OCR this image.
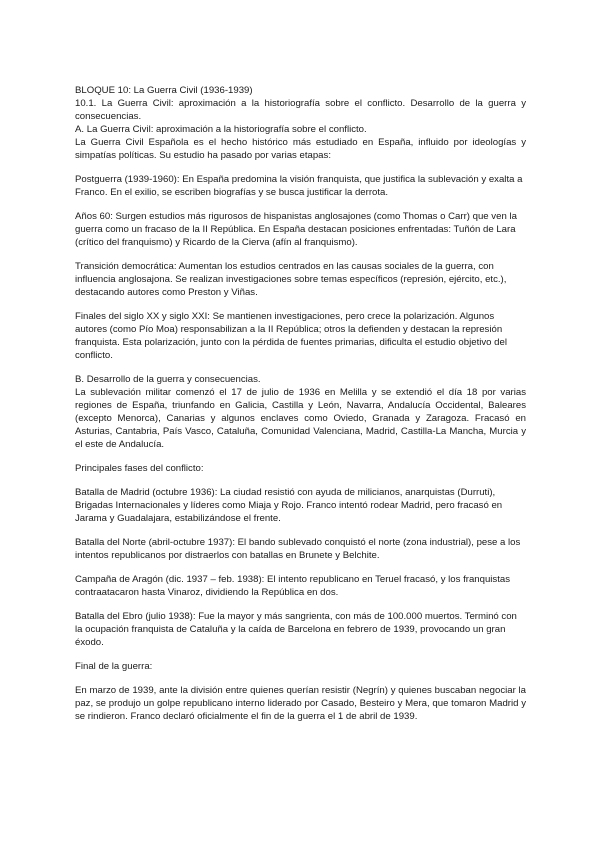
BLOQUE 10: La Guerra Civil (1936-1939)

10.1. La Guerra Civil: aproximación a la historiografía sobre el conflicto. Desarrollo de la guerra y consecuencias.

A. La Guerra Civil: aproximación a la historiografía sobre el conflicto.

La Guerra Civil Española es el hecho histórico más estudiado en España, influido por ideologías y simpatías políticas. Su estudio ha pasado por varias etapas:

Postguerra (1939-1960): En España predomina la visión franquista, que justifica la sublevación y exalta a Franco. En el exilio, se escriben biografías y se busca justificar la derrota.

Años 60: Surgen estudios más rigurosos de hispanistas anglosajones (como Thomas o Carr) que ven la guerra como un fracaso de la II República. En España destacan posiciones enfrentadas: Tuñón de Lara (crítico del franquismo) y Ricardo de la Cierva (afín al franquismo).

Transición democrática: Aumentan los estudios centrados en las causas sociales de la guerra, con influencia anglosajona. Se realizan investigaciones sobre temas específicos (represión, ejército, etc.), destacando autores como Preston y Viñas.

Finales del siglo XX y siglo XXI: Se mantienen investigaciones, pero crece la polarización. Algunos autores (como Pío Moa) responsabilizan a la II República; otros la defienden y destacan la represión franquista. Esta polarización, junto con la pérdida de fuentes primarias, dificulta el estudio objetivo del conflicto.

B. Desarrollo de la guerra y consecuencias.

La sublevación militar comenzó el 17 de julio de 1936 en Melilla y se extendió el día 18 por varias regiones de España, triunfando en Galicia, Castilla y León, Navarra, Andalucía Occidental, Baleares (excepto Menorca), Canarias y algunos enclaves como Oviedo, Granada y Zaragoza. Fracasó en Asturias, Cantabria, País Vasco, Cataluña, Comunidad Valenciana, Madrid, Castilla-La Mancha, Murcia y el este de Andalucía.

Principales fases del conflicto:

Batalla de Madrid (octubre 1936): La ciudad resistió con ayuda de milicianos, anarquistas (Durruti), Brigadas Internacionales y líderes como Miaja y Rojo. Franco intentó rodear Madrid, pero fracasó en Jarama y Guadalajara, estabilizándose el frente.

Batalla del Norte (abril-octubre 1937): El bando sublevado conquistó el norte (zona industrial), pese a los intentos republicanos por distraerlos con batallas en Brunete y Belchite.

Campaña de Aragón (dic. 1937 – feb. 1938): El intento republicano en Teruel fracasó, y los franquistas contraatacaron hasta Vinaroz, dividiendo la República en dos.

Batalla del Ebro (julio 1938): Fue la mayor y más sangrienta, con más de 100.000 muertos. Terminó con la ocupación franquista de Cataluña y la caída de Barcelona en febrero de 1939, provocando un gran éxodo.

Final de la guerra:

En marzo de 1939, ante la división entre quienes querían resistir (Negrín) y quienes buscaban negociar la paz, se produjo un golpe republicano interno liderado por Casado, Besteiro y Mera, que tomaron Madrid y se rindieron. Franco declaró oficialmente el fin de la guerra el 1 de abril de 1939.
